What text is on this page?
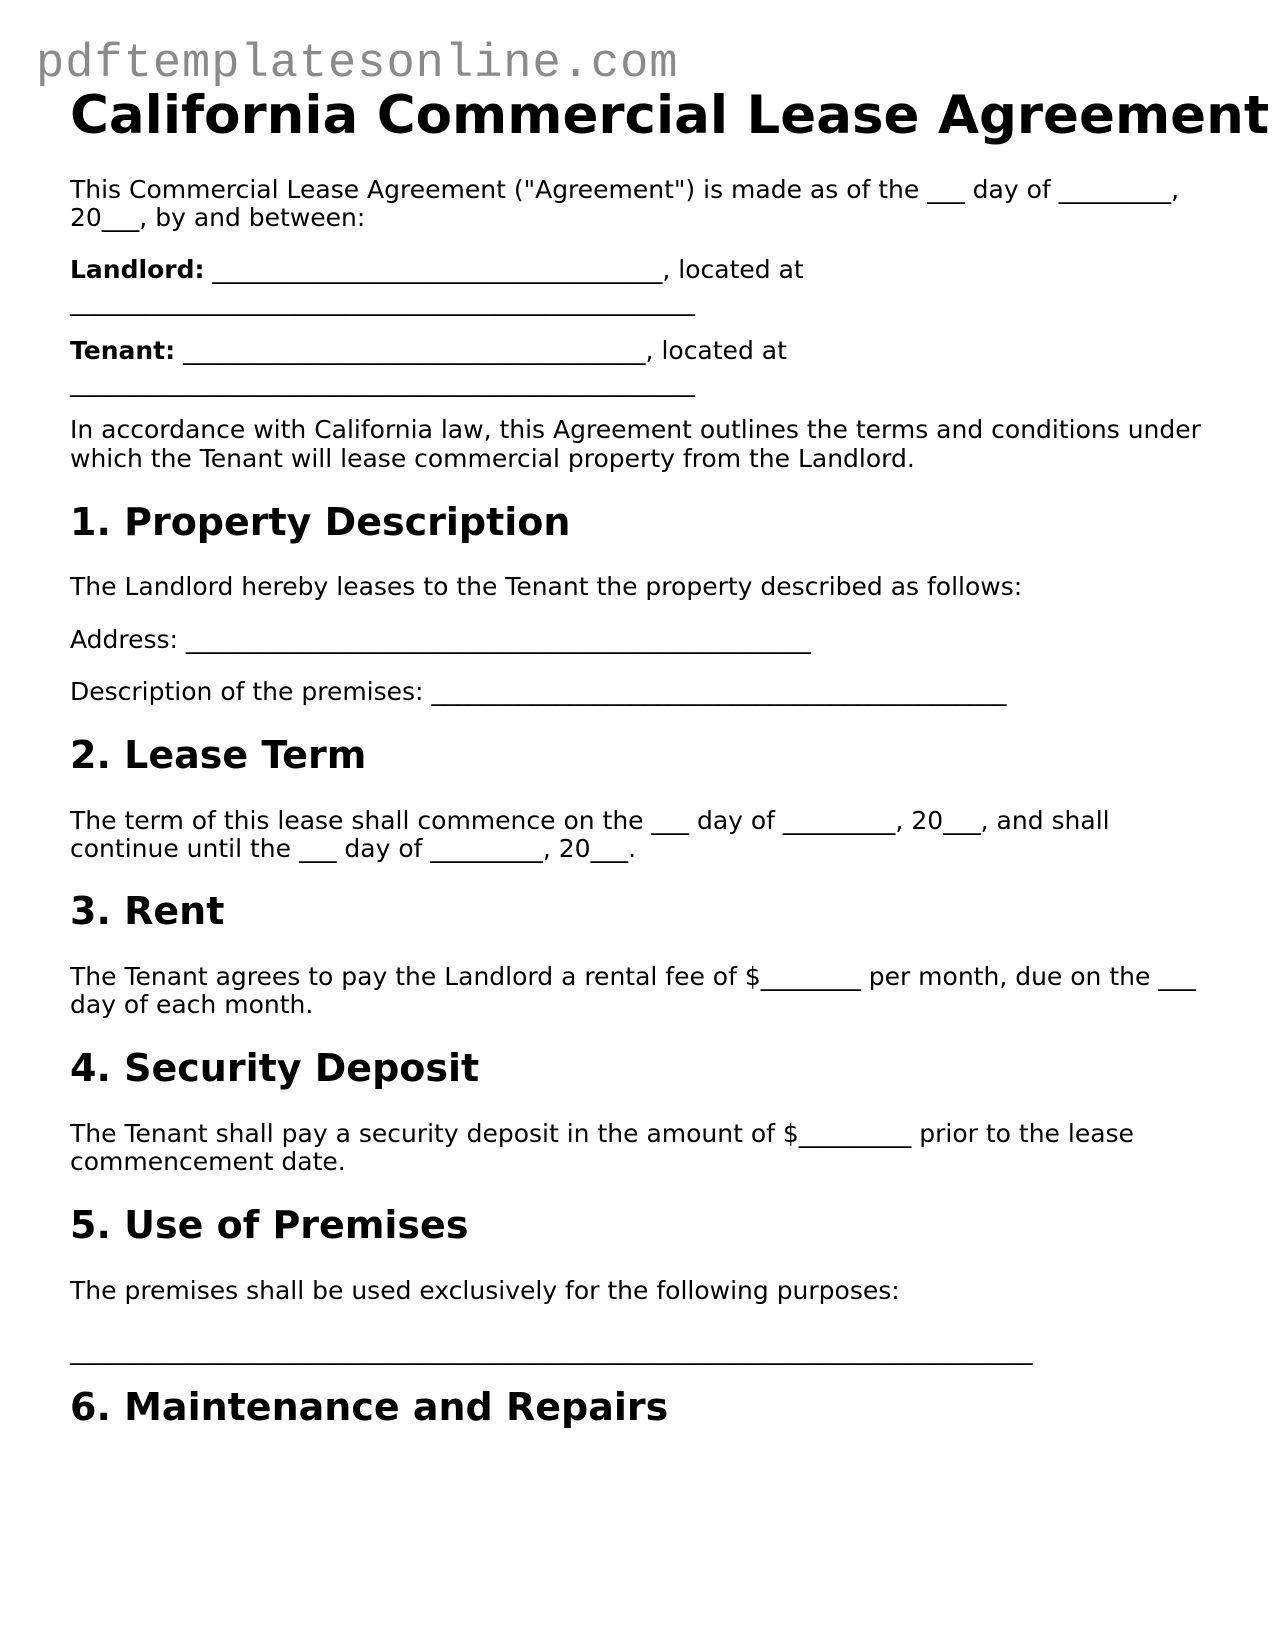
pdftemplatesonline.com
California Commercial Lease Agreement

This Commercial Lease Agreement ("Agreement") is made as of the ___ day of _________,

20___, by and between:

Landlord: ____________________________________, located at

__________________________________________________

Tenant: _____________________________________, located at

__________________________________________________

In accordance with California law, this Agreement outlines the terms and conditions under

which the Tenant will lease commercial property from the Landlord.

1. Property Description

The Landlord hereby leases to the Tenant the property described as follows:

Address: __________________________________________________

Description of the premises: ______________________________________________

2. Lease Term

The term of this lease shall commence on the ___ day of _________, 20___, and shall

continue until the ___ day of _________, 20___.

3. Rent

The Tenant agrees to pay the Landlord a rental fee of $________ per month, due on the ___

day of each month.

4. Security Deposit

The Tenant shall pay a security deposit in the amount of $_________ prior to the lease

commencement date.

5. Use of Premises

The premises shall be used exclusively for the following purposes:

_____________________________________________________________________________

6. Maintenance and Repairs
